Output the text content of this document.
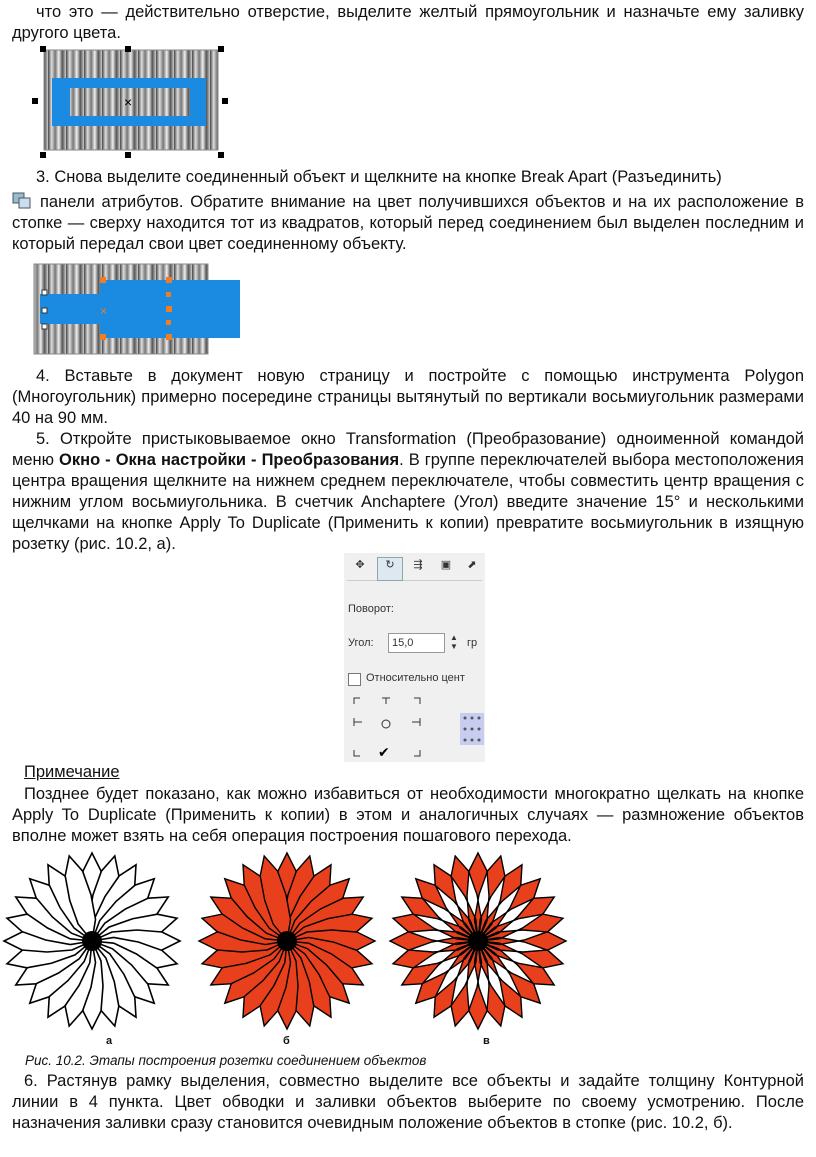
что это — действительно отверстие, выделите желтый прямоугольник и назначьте ему заливку другого цвета.

×

3. Снова выделите соединенный объект и щелкните на кнопке Break Apart (Разъединить)

панели атрибутов. Обратите внимание на цвет получившихся объектов и на их расположение в стопке — сверху находится тот из квадратов, который перед соединением был выделен последним и который передал свои цвет соединенному объекту.

×

4. Вставьте в документ новую страницу и постройте с помощью инструмента Polygon (Многоугольник) примерно посередине страницы вытянутый по вертикали восьмиугольник размерами 40 на 90 мм.

5. Откройте пристыковываемое окно Transformation (Преобразование) одноименной командой меню Окно - Окна настройки - Преобразования. В группе переключателей выбора местоположения центра вращения щелкните на нижнем среднем переключателе, чтобы совместить центр вращения с нижним углом восьмиугольника. В счетчик Anchaptere (Угол) введите значение 15° и несколькими щелчками на кнопке Apply To Duplicate (Применить к копии) превратите восьмиугольник в изящную розетку (рис. 10.2, а).

✥	↻	⇶	▣	⬈
Поворот:
Угол:	15,0	▲
▼ гр
Относительно цент
✔
Примечание

Позднее будет показано, как можно избавиться от необходимости многократно щелкать на кнопке Apply To Duplicate (Применить к копии) в этом и аналогичных случаях — размножение объектов вполне может взять на себя операция построения пошагового перехода.

а	б	в
Рис. 10.2. Этапы построения розетки соединением объектов

6. Растянув рамку выделения, совместно выделите все объекты и задайте толщину Контурной линии в 4 пункта. Цвет обводки и заливки объектов выберите по своему усмотрению. После назначения заливки сразу становится очевидным положение объектов в стопке (рис. 10.2, б).
